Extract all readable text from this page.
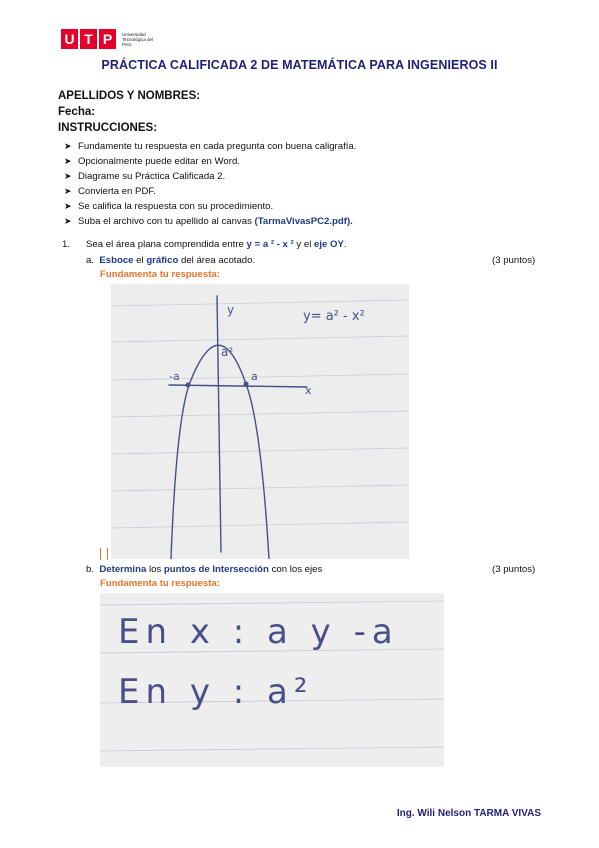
U T P	Universidad Tecnológica del Perú
PRÁCTICA CALIFICADA 2 DE MATEMÁTICA PARA INGENIEROS II
APELLIDOS Y NOMBRES:
Fecha:
INSTRUCCIONES:
➤ Fundamente tu respuesta en cada pregunta con buena caligrafía.
➤ Opcionalmente puede editar en Word.
➤ Diagrame su Práctica Calificada 2.
➤ Convierta en PDF.
➤ Se califica la respuesta con su procedimiento.
➤ Suba el archivo con tu apellido al canvas
(TarmaVivasPC2.pdf).
1. Sea el área plana comprendida entre y = a ² - x ² y el eje OY.
a. Esboce el gráfico del área acotado.	(3 puntos)
Fundamenta tu respuesta:
y
x
a²
-a	a
y= a² - x²
b. Determina los puntos de Intersección con los ejes	(3 puntos)
Fundamenta tu respuesta:
En x : a y -a
En y : a²
Ing. Wili Nelson TARMA VIVAS
